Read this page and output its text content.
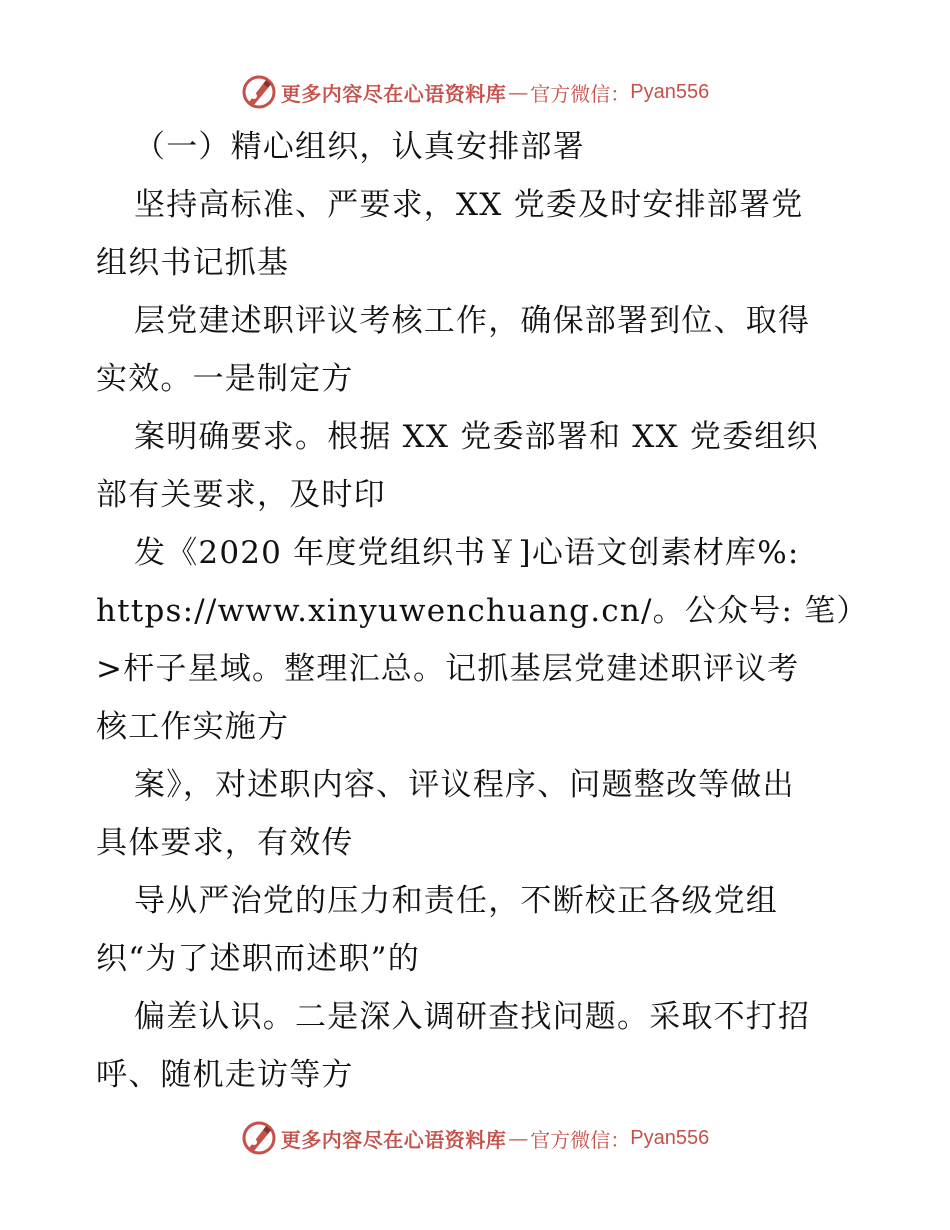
更多内容尽在心语资料库 — 官方微信： Pyan556
（一）精心组织，认真安排部署
坚持高标准、严要求，XX 党委及时安排部署党
组织书记抓基
层党建述职评议考核工作，确保部署到位、取得
实效。一是制定方
案明确要求。根据 XX 党委部署和 XX 党委组织
部有关要求，及时印
发《2020 年度党组织书￥]心语文创素材库%:
https://www.xinyuwenchuang.cn/。公众号: 笔）
>杆子星域。整理汇总。记抓基层党建述职评议考
核工作实施方
案》，对述职内容、评议程序、问题整改等做出
具体要求，有效传
导从严治党的压力和责任，不断校正各级党组
织“为了述职而述职”的
偏差认识。二是深入调研查找问题。采取不打招
呼、随机走访等方
更多内容尽在心语资料库 — 官方微信： Pyan556
